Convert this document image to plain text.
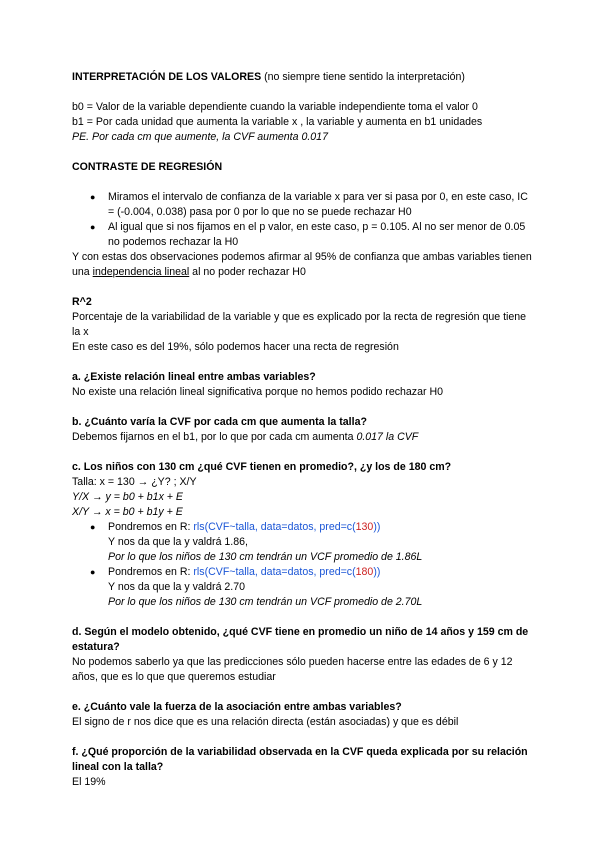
INTERPRETACIÓN DE LOS VALORES (no siempre tiene sentido la interpretación)

b0 = Valor de la variable dependiente cuando la variable independiente toma el valor 0

b1 = Por cada unidad que aumenta la variable x , la variable y aumenta en b1 unidades

PE. Por cada cm que aumente, la CVF aumenta 0.017

CONTRASTE DE REGRESIÓN

● Miramos el intervalo de confianza de la variable x para ver si pasa por 0, en este caso, IC = (-0.004, 0.038) pasa por 0 por lo que no se puede rechazar H0
● Al igual que si nos fijamos en el p valor, en este caso, p = 0.105. Al no ser menor de 0.05 no podemos rechazar la H0

Y con estas dos observaciones podemos afirmar al 95% de confianza que ambas variables tienen una independencia lineal al no poder rechazar H0

R^2

Porcentaje de la variabilidad de la variable y que es explicado por la recta de regresión que tiene la x

En este caso es del 19%, sólo podemos hacer una recta de regresión

a. ¿Existe relación lineal entre ambas variables?

No existe una relación lineal significativa porque no hemos podido rechazar H0

b. ¿Cuánto varía la CVF por cada cm que aumenta la talla?

Debemos fijarnos en el b1, por lo que por cada cm aumenta 0.017 la CVF

c. Los niños con 130 cm ¿qué CVF tienen en promedio?, ¿y los de 180 cm?

Talla: x = 130 → ¿Y? ; X/Y

Y/X → y = b0 + b1x + E

X/Y → x = b0 + b1y + E

● Pondremos en R: rls(CVF~talla, data=datos, pred=c(130))

Y nos da que la y valdrá 1.86,

Por lo que los niños de 130 cm tendrán un VCF promedio de 1.86L

● Pondremos en R: rls(CVF~talla, data=datos, pred=c(180))

Y nos da que la y valdrá 2.70

Por lo que los niños de 130 cm tendrán un VCF promedio de 2.70L

d. Según el modelo obtenido, ¿qué CVF tiene en promedio un niño de 14 años y 159 cm de estatura?

No podemos saberlo ya que las predicciones sólo pueden hacerse entre las edades de 6 y 12 años, que es lo que que queremos estudiar

e. ¿Cuánto vale la fuerza de la asociación entre ambas variables?

El signo de r nos dice que es una relación directa (están asociadas) y que es débil

f. ¿Qué proporción de la variabilidad observada en la CVF queda explicada por su relación lineal con la talla?

El 19%
